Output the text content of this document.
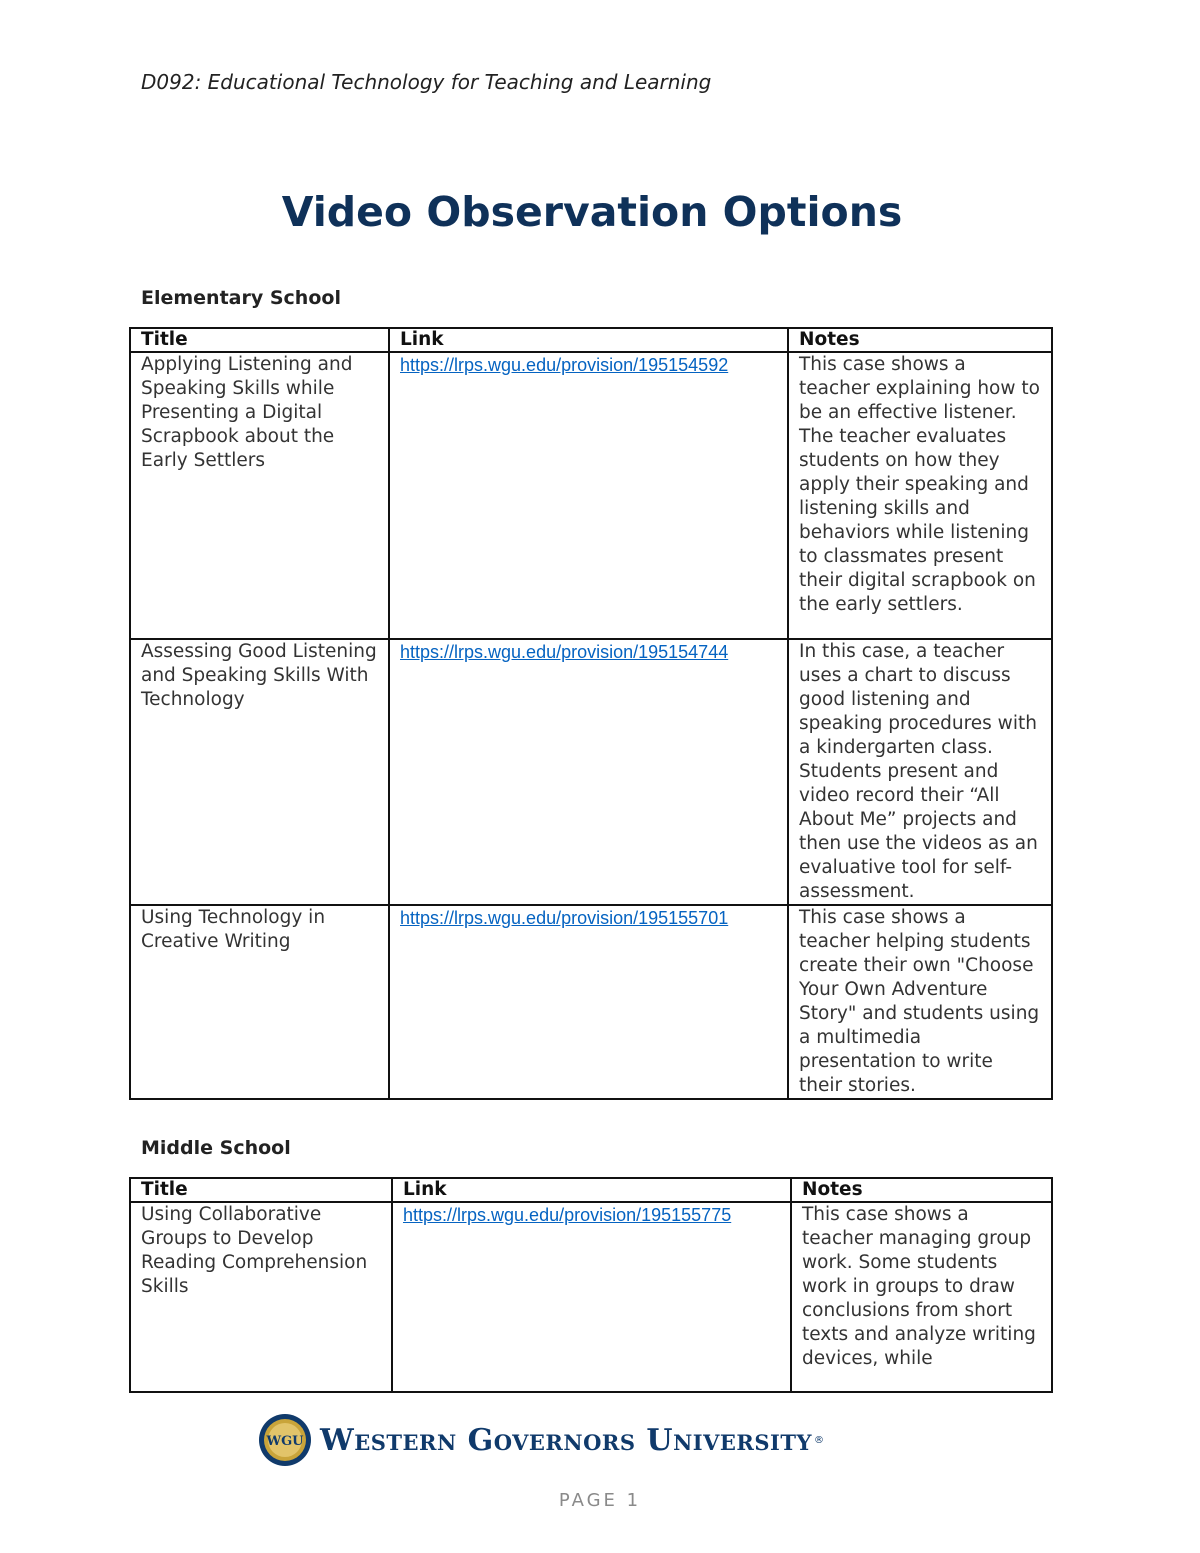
D092: Educational Technology for Teaching and Learning
Video Observation Options
Elementary School
Title	Link	Notes
Applying Listening and Speaking Skills while Presenting a Digital Scrapbook about the Early Settlers	https://lrps.wgu.edu/provision/195154592	This case shows a teacher explaining how to be an effective listener. The teacher evaluates students on how they apply their speaking and listening skills and behaviors while listening to classmates present their digital scrapbook on the early settlers.
Assessing Good Listening and Speaking Skills With Technology	https://lrps.wgu.edu/provision/195154744	In this case, a teacher uses a chart to discuss good listening and speaking procedures with a kindergarten class. Students present and video record their “All About Me” projects and then use the videos as an evaluative tool for self-assessment.
Using Technology in Creative Writing	https://lrps.wgu.edu/provision/195155701	This case shows a teacher helping students create their own "Choose Your Own Adventure Story" and students using a multimedia presentation to write their stories.
Middle School
Title	Link	Notes
Using Collaborative Groups to Develop Reading Comprehension Skills	https://lrps.wgu.edu/provision/195155775	This case shows a teacher managing group work. Some students work in groups to draw conclusions from short texts and analyze writing devices, while
WGU Western Governors University ®
PAGE 1
